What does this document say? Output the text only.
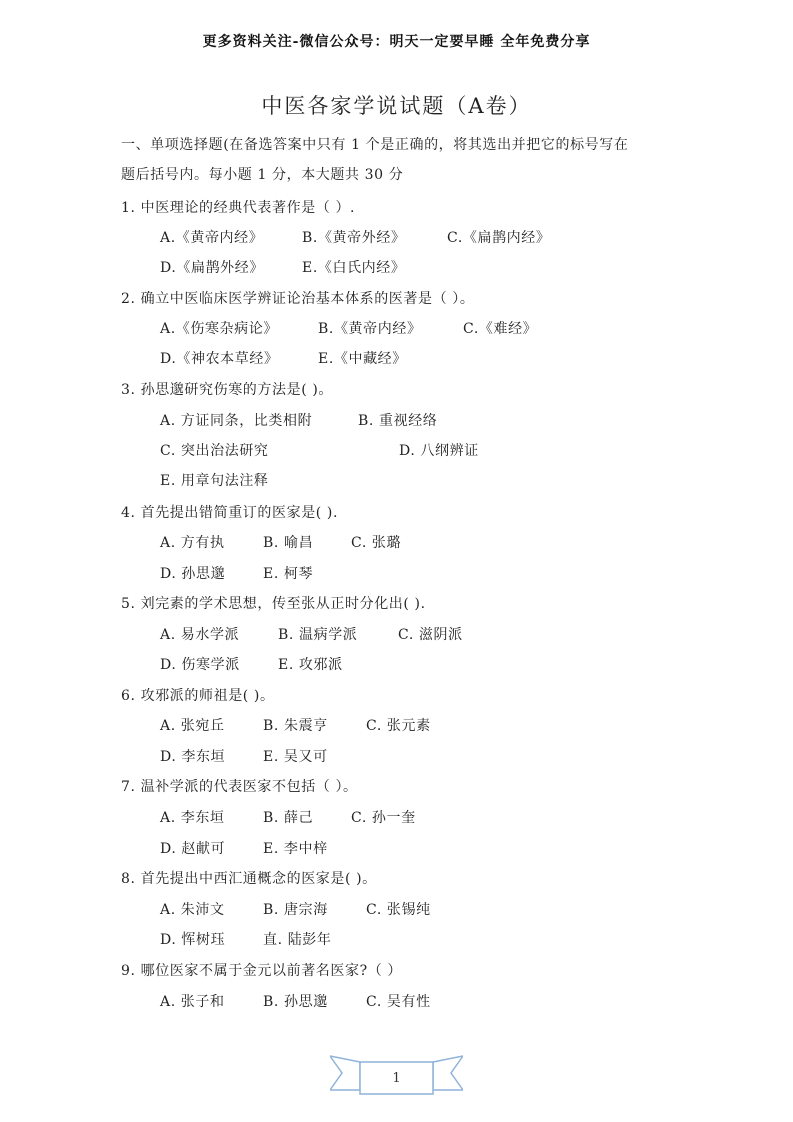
更多资料关注-微信公众号：明天一定要早睡 全年免费分享
中医各家学说试题（A卷）
一、单项选择题(在备选答案中只有 1 个是正确的，将其选出并把它的标号写在
题后括号内。每小题 1 分，本大题共 30 分
1. 中医理论的经典代表著作是（ ）.
A.《黄帝内经》	B.《黄帝外经》	C.《扁鹊内经》
D.《扁鹊外经》	E.《白氏内经》
2. 确立中医临床医学辨证论治基本体系的医著是（ ）。
A.《伤寒杂病论》	B.《黄帝内经》	C.《难经》
D.《神农本草经》	E.《中藏经》
3. 孙思邈研究伤寒的方法是( )。
A. 方证同条，比类相附	B. 重视经络
C. 突出治法研究	D. 八纲辨证
E. 用章句法注释
4. 首先提出错简重订的医家是( ).
A. 方有执	B. 喻昌	C. 张璐
D. 孙思邈	E. 柯琴
5. 刘完素的学术思想，传至张从正时分化出( ).
A. 易水学派	B. 温病学派	C. 滋阴派
D. 伤寒学派	E. 攻邪派
6. 攻邪派的师祖是( )。
A. 张宛丘	B. 朱震亨	C. 张元素
D. 李东垣	E. 吴又可
7. 温补学派的代表医家不包括（ ）。
A. 李东垣	B. 薛己	C. 孙一奎
D. 赵献可	E. 李中梓
8. 首先提出中西汇通概念的医家是( )。
A. 朱沛文	B. 唐宗海	C. 张锡纯
D. 恽树珏	直. 陆彭年
9. 哪位医家不属于金元以前著名医家?（ ）
A. 张子和	B. 孙思邈	C. 吴有性
1
